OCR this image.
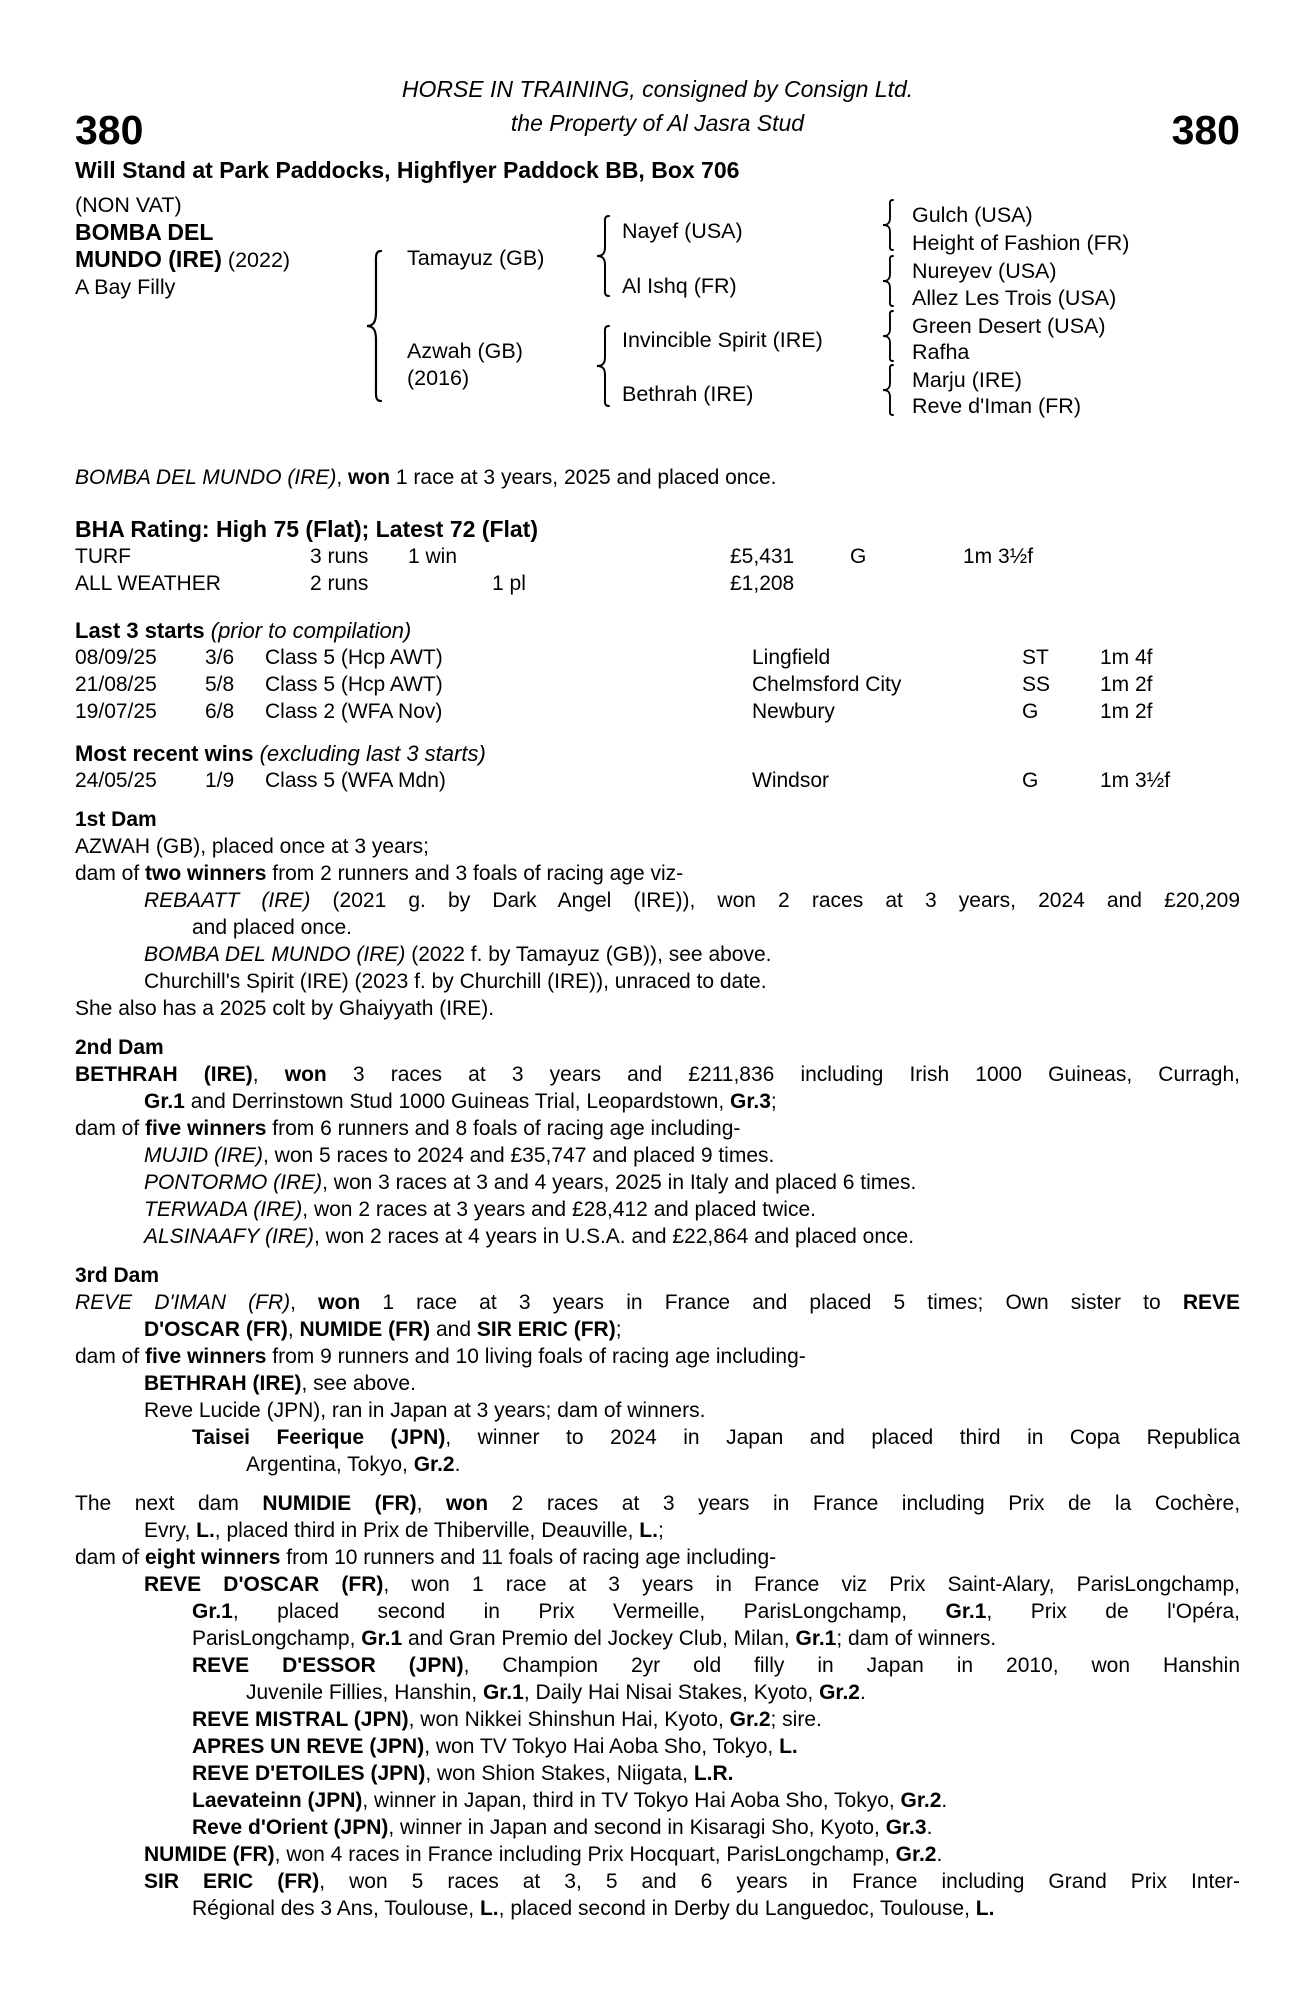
380	380
HORSE IN TRAINING, consigned by Consign Ltd.
the Property of Al Jasra Stud
Will Stand at Park Paddocks, Highflyer Paddock BB, Box 706
(NON VAT)
BOMBA DEL
MUNDO (IRE) (2022)
A Bay Filly
Tamayuz (GB)
Azwah (GB)
(2016)
Nayef (USA)
Al Ishq (FR)
Invincible Spirit (IRE)
Bethrah (IRE)
Gulch (USA)
Height of Fashion (FR)
Nureyev (USA)
Allez Les Trois (USA)
Green Desert (USA)
Rafha
Marju (IRE)
Reve d'Iman (FR)
BOMBA DEL MUNDO (IRE), won 1 race at 3 years, 2025 and placed once.
BHA Rating: High 75 (Flat); Latest 72 (Flat)
TURF	3 runs 1 win	£5,431	G	1m 3½f
ALL WEATHER	2 runs	1 pl	£1,208
Last 3 starts (prior to compilation)
08/09/25 3/6 Class 5 (Hcp AWT)	Lingfield	ST 1m 4f
21/08/25 5/8 Class 5 (Hcp AWT)	Chelmsford City	SS 1m 2f
19/07/25 6/8 Class 2 (WFA Nov)	Newbury	G	1m 2f
Most recent wins (excluding last 3 starts)
24/05/25 1/9 Class 5 (WFA Mdn)	Windsor	G	1m 3½f
1st Dam
AZWAH (GB), placed once at 3 years;
dam of two winners from 2 runners and 3 foals of racing age viz-
REBAATT (IRE) (2021 g. by Dark Angel (IRE)), won 2 races at 3 years, 2024 and £20,209
and placed once.
BOMBA DEL MUNDO (IRE) (2022 f. by Tamayuz (GB)), see above.
Churchill's Spirit (IRE) (2023 f. by Churchill (IRE)), unraced to date.
She also has a 2025 colt by Ghaiyyath (IRE).
2nd Dam
BETHRAH (IRE), won 3 races at 3 years and £211,836 including Irish 1000 Guineas, Curragh,
Gr.1 and Derrinstown Stud 1000 Guineas Trial, Leopardstown, Gr.3;
dam of five winners from 6 runners and 8 foals of racing age including-
MUJID (IRE), won 5 races to 2024 and £35,747 and placed 9 times.
PONTORMO (IRE), won 3 races at 3 and 4 years, 2025 in Italy and placed 6 times.
TERWADA (IRE), won 2 races at 3 years and £28,412 and placed twice.
ALSINAAFY (IRE), won 2 races at 4 years in U.S.A. and £22,864 and placed once.
3rd Dam
REVE D'IMAN (FR), won 1 race at 3 years in France and placed 5 times; Own sister to REVE
D'OSCAR (FR), NUMIDE (FR) and SIR ERIC (FR);
dam of five winners from 9 runners and 10 living foals of racing age including-
BETHRAH (IRE), see above.
Reve Lucide (JPN), ran in Japan at 3 years; dam of winners.
Taisei Feerique (JPN), winner to 2024 in Japan and placed third in Copa Republica
Argentina, Tokyo, Gr.2.
The next dam NUMIDIE (FR), won 2 races at 3 years in France including Prix de la Cochère,
Evry, L., placed third in Prix de Thiberville, Deauville, L.;
dam of eight winners from 10 runners and 11 foals of racing age including-
REVE D'OSCAR (FR), won 1 race at 3 years in France viz Prix Saint-Alary, ParisLongchamp,
Gr.1, placed second in Prix Vermeille, ParisLongchamp, Gr.1, Prix de l'Opéra,
ParisLongchamp, Gr.1 and Gran Premio del Jockey Club, Milan, Gr.1; dam of winners.
REVE D'ESSOR (JPN), Champion 2yr old filly in Japan in 2010, won Hanshin
Juvenile Fillies, Hanshin, Gr.1, Daily Hai Nisai Stakes, Kyoto, Gr.2.
REVE MISTRAL (JPN), won Nikkei Shinshun Hai, Kyoto, Gr.2; sire.
APRES UN REVE (JPN), won TV Tokyo Hai Aoba Sho, Tokyo, L.
REVE D'ETOILES (JPN), won Shion Stakes, Niigata, L.R.
Laevateinn (JPN), winner in Japan, third in TV Tokyo Hai Aoba Sho, Tokyo, Gr.2.
Reve d'Orient (JPN), winner in Japan and second in Kisaragi Sho, Kyoto, Gr.3.
NUMIDE (FR), won 4 races in France including Prix Hocquart, ParisLongchamp, Gr.2.
SIR ERIC (FR), won 5 races at 3, 5 and 6 years in France including Grand Prix Inter-
Régional des 3 Ans, Toulouse, L., placed second in Derby du Languedoc, Toulouse, L.
